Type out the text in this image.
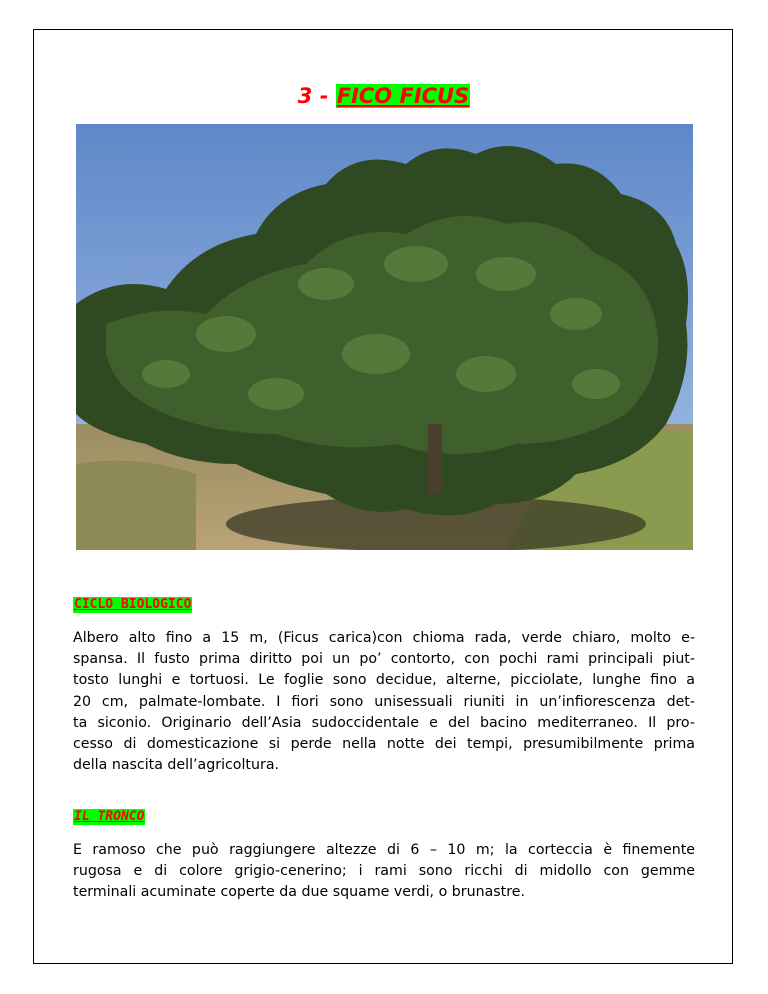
3 - FICO FICUS
CICLO BIOLOGICO
Albero alto fino a 15 m, (Ficus carica)con chioma rada, verde chiaro, molto e-
spansa. Il fusto prima diritto poi un po’ contorto, con pochi rami principali piut-
tosto lunghi e tortuosi. Le foglie sono decidue, alterne, picciolate, lunghe fino a
20 cm, palmate-lombate. I fiori sono unisessuali riuniti in un’infiorescenza det-
ta siconio. Originario dell’Asia sudoccidentale e del bacino mediterraneo. Il pro-
cesso di domesticazione si perde nella notte dei tempi, presumibilmente prima
della nascita dell’agricoltura.
IL TRONCO
E ramoso che può raggiungere altezze di 6 – 10 m; la corteccia è finemente
rugosa e di colore grigio-cenerino; i rami sono ricchi di midollo con gemme
terminali acuminate coperte da due squame verdi, o brunastre.
